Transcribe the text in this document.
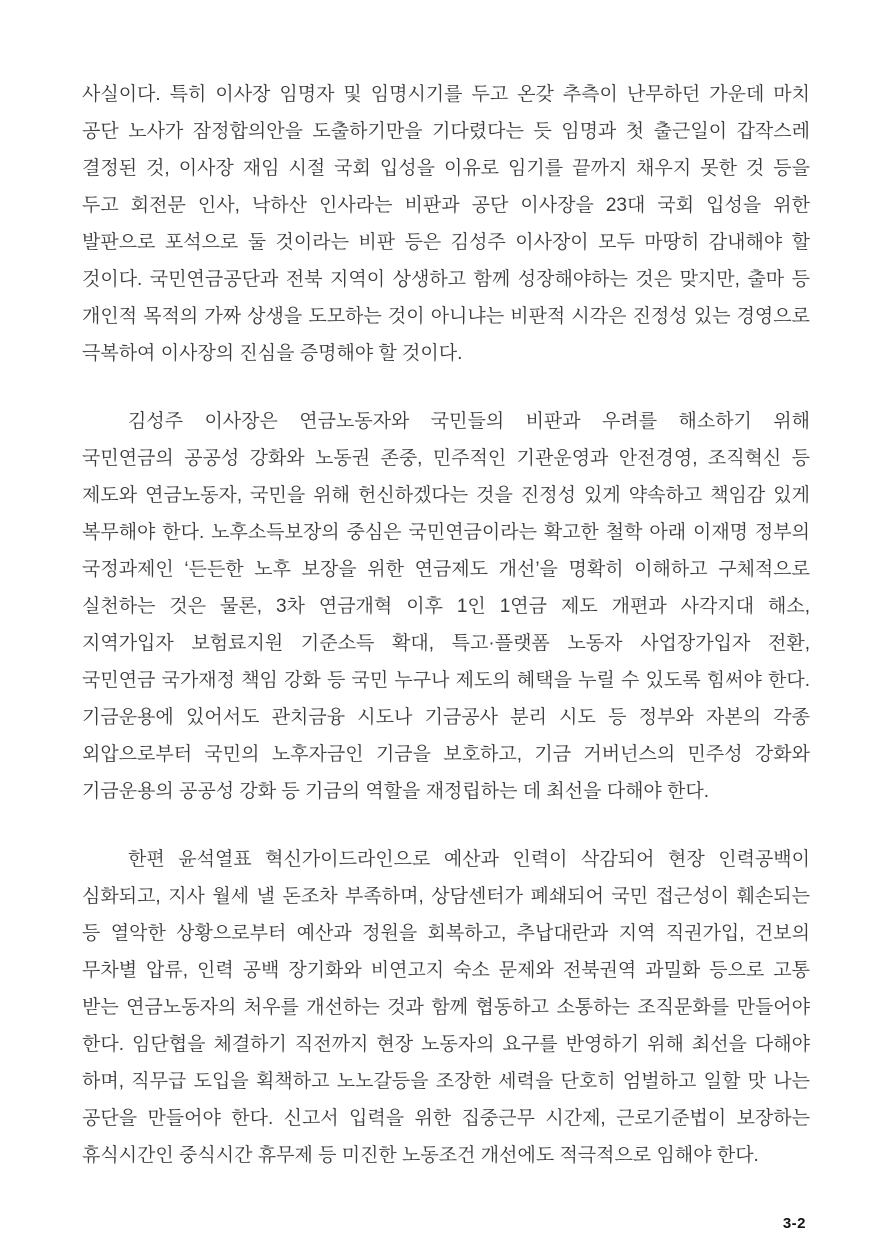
사실이다. 특히 이사장 임명자 및 임명시기를 두고 온갖 추측이 난무하던 가운데 마치
공단 노사가 잠정합의안을 도출하기만을 기다렸다는 듯 임명과 첫 출근일이 갑작스레
결정된 것, 이사장 재임 시절 국회 입성을 이유로 임기를 끝까지 채우지 못한 것 등을
두고 회전문 인사, 낙하산 인사라는 비판과 공단 이사장을 23대 국회 입성을 위한
발판으로 포석으로 둘 것이라는 비판 등은 김성주 이사장이 모두 마땅히 감내해야 할
것이다. 국민연금공단과 전북 지역이 상생하고 함께 성장해야하는 것은 맞지만, 출마 등
개인적 목적의 가짜 상생을 도모하는 것이 아니냐는 비판적 시각은 진정성 있는 경영으로
극복하여 이사장의 진심을 증명해야 할 것이다.
김성주 이사장은 연금노동자와 국민들의 비판과 우려를 해소하기 위해
국민연금의 공공성 강화와 노동권 존중, 민주적인 기관운영과 안전경영, 조직혁신 등
제도와 연금노동자, 국민을 위해 헌신하겠다는 것을 진정성 있게 약속하고 책임감 있게
복무해야 한다. 노후소득보장의 중심은 국민연금이라는 확고한 철학 아래 이재명 정부의
국정과제인 ‘든든한 노후 보장을 위한 연금제도 개선’을 명확히 이해하고 구체적으로
실천하는 것은 물론, 3차 연금개혁 이후 1인 1연금 제도 개편과 사각지대 해소,
지역가입자 보험료지원 기준소득 확대, 특고·플랫폼 노동자 사업장가입자 전환,
국민연금 국가재정 책임 강화 등 국민 누구나 제도의 혜택을 누릴 수 있도록 힘써야 한다.
기금운용에 있어서도 관치금융 시도나 기금공사 분리 시도 등 정부와 자본의 각종
외압으로부터 국민의 노후자금인 기금을 보호하고, 기금 거버넌스의 민주성 강화와
기금운용의 공공성 강화 등 기금의 역할을 재정립하는 데 최선을 다해야 한다.
한편 윤석열표 혁신가이드라인으로 예산과 인력이 삭감되어 현장 인력공백이
심화되고, 지사 월세 낼 돈조차 부족하며, 상담센터가 폐쇄되어 국민 접근성이 훼손되는
등 열악한 상황으로부터 예산과 정원을 회복하고, 추납대란과 지역 직권가입, 건보의
무차별 압류, 인력 공백 장기화와 비연고지 숙소 문제와 전북권역 과밀화 등으로 고통
받는 연금노동자의 처우를 개선하는 것과 함께 협동하고 소통하는 조직문화를 만들어야
한다. 임단협을 체결하기 직전까지 현장 노동자의 요구를 반영하기 위해 최선을 다해야
하며, 직무급 도입을 획책하고 노노갈등을 조장한 세력을 단호히 엄벌하고 일할 맛 나는
공단을 만들어야 한다. 신고서 입력을 위한 집중근무 시간제, 근로기준법이 보장하는
휴식시간인 중식시간 휴무제 등 미진한 노동조건 개선에도 적극적으로 임해야 한다.
3-2
